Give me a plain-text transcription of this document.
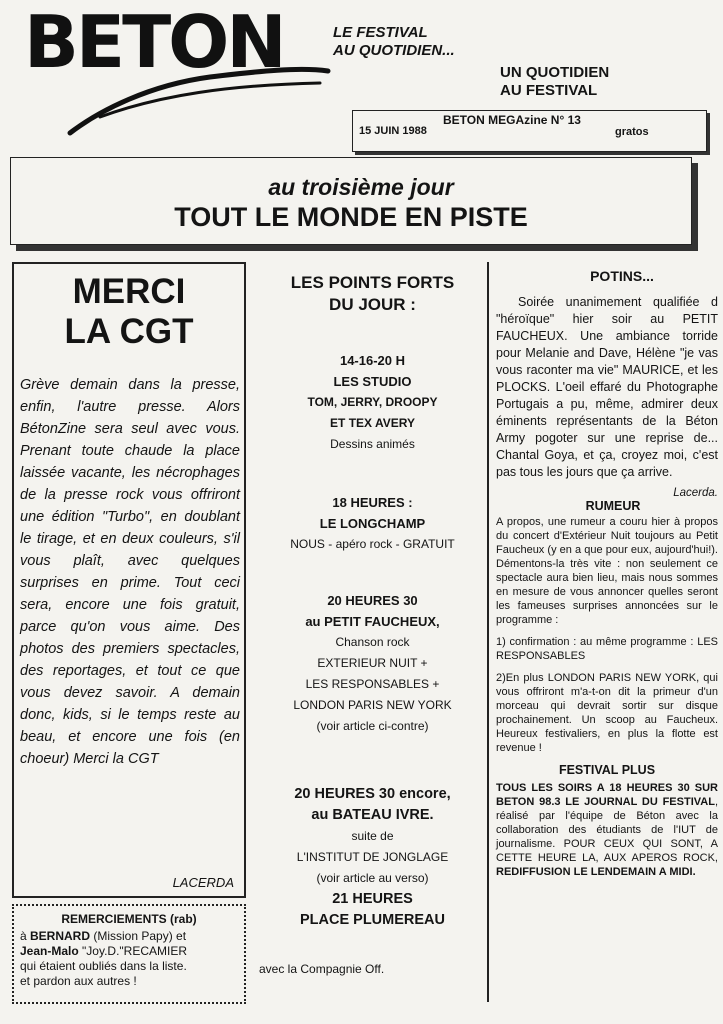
BETON	LE FESTIVAL
AU QUOTIDIEN...
UN QUOTIDIEN
AU FESTIVAL
BETON MEGAzine N° 13
15 JUIN 1988	gratos
au troisième jour
TOUT LE MONDE EN PISTE
MERCI
LA CGT
Grève demain dans la presse, enfin, l'autre presse. Alors BétonZine sera seul avec vous. Prenant toute chaude la place laissée vacante, les nécrophages de la presse rock vous offriront une édition "Turbo", en doublant le tirage, et en deux couleurs, s'il vous plaît, avec quelques surprises en prime. Tout ceci sera, encore une fois gratuit, parce qu'on vous aime. Des photos des premiers spectacles, des reportages, et tout ce que vous devez savoir. A demain donc, kids, si le temps reste au beau, et encore une fois (en choeur) Merci la CGT
LACERDA
REMERCIEMENTS (rab)
à BERNARD (Mission Papy) et
Jean-Malo "Joy.D."RECAMIER
qui étaient oubliés dans la liste.
et pardon aux autres !
LES POINTS FORTS
DU JOUR :
14-16-20 H
LES STUDIO
TOM, JERRY, DROOPY
ET TEX AVERY
Dessins animés
18 HEURES :
LE LONGCHAMP
NOUS - apéro rock - GRATUIT
20 HEURES 30
au PETIT FAUCHEUX,
Chanson rock
EXTERIEUR NUIT +
LES RESPONSABLES +
LONDON PARIS NEW YORK
(voir article ci-contre)
20 HEURES 30 encore,
au BATEAU IVRE.
suite de
L'INSTITUT DE JONGLAGE
(voir article au verso)
21 HEURES
PLACE PLUMEREAU
avec la Compagnie Off.
POTINS...
Soirée unanimement qualifiée d "héroïque" hier soir au PETIT FAUCHEUX. Une ambiance torride pour Melanie and Dave, Hélène "je vas vous raconter ma vie" MAURICE, et les PLOCKS. L'oeil effaré du Photographe Portugais a pu, même, admirer deux éminents représentants de la Béton Army pogoter sur une reprise de... Chantal Goya, et ça, croyez moi, c'est pas tous les jours que ça arrive.
Lacerda.
RUMEUR

A propos, une rumeur a couru hier à propos du concert d'Extérieur Nuit toujours au Petit Faucheux (y en a que pour eux, aujourd'hui!). Démentons-la très vite : non seulement ce spectacle aura bien lieu, mais nous sommes en mesure de vous annoncer quelles seront les fameuses surprises annoncées sur le programme :

1) confirmation : au même programme : LES RESPONSABLES

2)En plus LONDON PARIS NEW YORK, qui vous offriront m'a-t-on dit la primeur d'un morceau qui devrait sortir sur disque prochainement. Un scoop au Faucheux. Heureux festivaliers, en plus la flotte est revenue !

FESTIVAL PLUS
TOUS LES SOIRS A 18 HEURES 30 SUR BETON 98.3 LE JOURNAL DU FESTIVAL, réalisé par l'équipe de Béton avec la collaboration des étudiants de l'IUT de journalisme. POUR CEUX QUI SONT, A CETTE HEURE LA, AUX APEROS ROCK, REDIFFUSION LE LENDEMAIN A MIDI.
